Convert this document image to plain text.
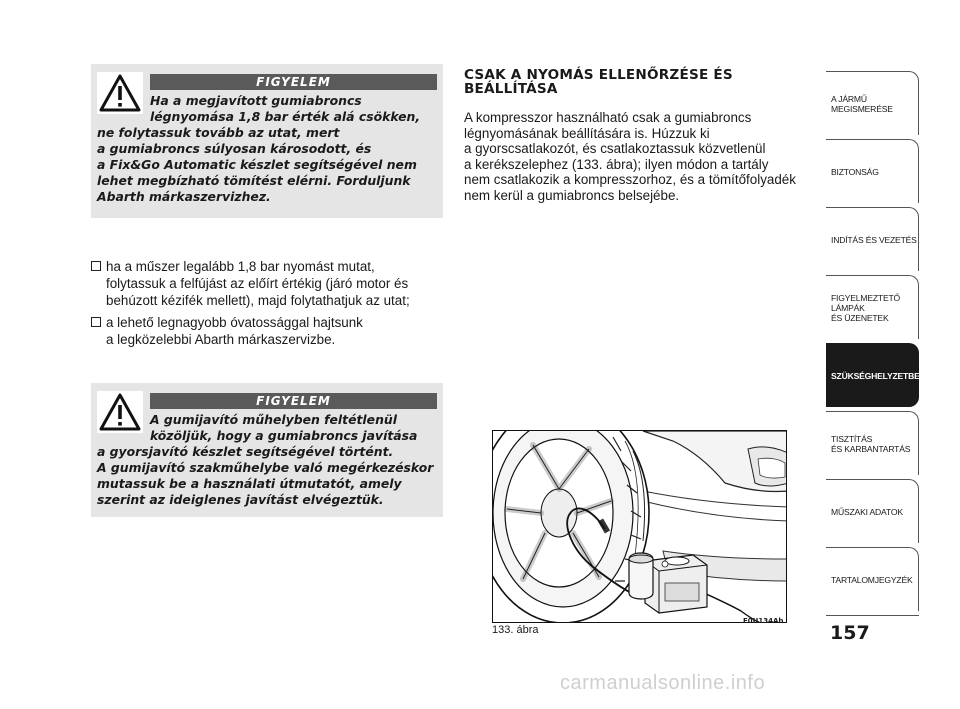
FIGYELEM
Ha a megjavított gumiabroncs
légnyomása 1,8 bar érték alá csökken,
ne folytassuk tovább az utat, mert
a gumiabroncs súlyosan károsodott, és
a Fix&Go Automatic készlet segítségével nem
lehet megbízható tömítést elérni. Forduljunk
Abarth márkaszervizhez.
ha a műszer legalább 1,8 bar nyomást mutat,
folytassuk a felfújást az előírt értékig (járó motor és
behúzott kézifék mellett), majd folytathatjuk az utat;
a lehető legnagyobb óvatossággal hajtsunk
a legközelebbi Abarth márkaszervizbe.
FIGYELEM
A gumijavító műhelyben feltétlenül
közöljük, hogy a gumiabroncs javítása
a gyorsjavító készlet segítségével történt.
A gumijavító szakműhelybe való megérkezéskor
mutassuk be a használati útmutatót, amely
szerint az ideiglenes javítást elvégeztük.
CSAK A NYOMÁS ELLENŐRZÉSE ÉS
BEÁLLÍTÁSA
A kompresszor használható csak a gumiabroncs
légnyomásának beállítására is. Húzzuk ki
a gyorscsatlakozót, és csatlakoztassuk közvetlenül
a kerékszelephez (133. ábra); ilyen módon a tartály
nem csatlakozik a kompresszorhoz, és a tömítőfolyadék
nem kerül a gumiabroncs belsejébe.
F0U134Ab
133. ábra	157
A JÁRMŰ
MEGISMERÉSE
BIZTONSÁG
INDÍTÁS ÉS VEZETÉS
FIGYELMEZTETŐ
LÁMPÁK
ÉS ÜZENETEK
SZÜKSÉGHELYZETBEN
TISZTÍTÁS
ÉS KARBANTARTÁS
MŰSZAKI ADATOK
TARTALOMJEGYZÉK
carmanualsonline.info
